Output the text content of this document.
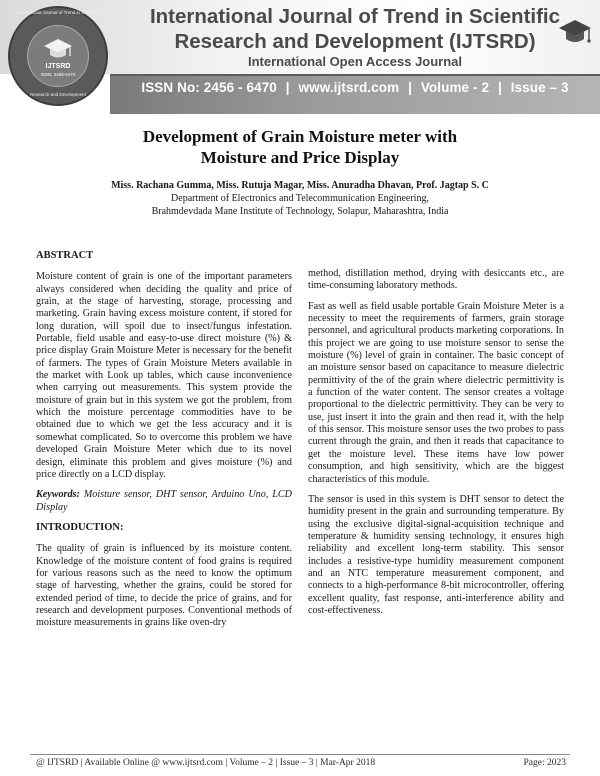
International Journal of Trend in Scientific
IJTSRD
ISSN: 2456-6470
Research and Development
International Journal of Trend in Scientific
Research and Development (IJTSRD)
International Open Access Journal
ISSN No: 2456 - 6470 | www.ijtsrd.com | Volume - 2 | Issue – 3
Development of Grain Moisture meter with
Moisture and Price Display
Miss. Rachana Gumma, Miss. Rutuja Magar, Miss. Anuradha Dhavan, Prof. Jagtap S. C
Department of Electronics and Telecommunication Engineering,
Brahmdevdada Mane Institute of Technology, Solapur, Maharashtra, India
ABSTRACT

Moisture content of grain is one of the important parameters always considered when deciding the quality and price of grain, at the stage of harvesting, storage, processing and marketing. Grain having excess moisture content, if stored for long duration, will spoil due to insect/fungus infestation. Portable, field usable and easy-to-use direct moisture (%) & price display Grain Moisture Meter is necessary for the benefit of farmers. The types of Grain Moisture Meters available in the market with Look up tables, which cause inconvenience when carrying out measurements. This system provide the moisture of grain but in this system we got the problem, from which the moisture percentage commodities have to be obtained due to which we get the less accuracy and it is somewhat complicated. So to overcome this problem we have developed Grain Moisture Meter which due to its novel design, eliminate this problem and gives moisture (%) and price directly on a LCD display.

Keywords: Moisture sensor, DHT sensor, Arduino Uno, LCD Display

INTRODUCTION:

The quality of grain is influenced by its moisture content. Knowledge of the moisture content of food grains is required for various reasons such as the need to know the optimum stage of harvesting, whether the grains, could be stored for extended period of time, to decide the price of grains, and for research and development purposes. Conventional methods of moisture measurements in grains like oven-dry

method, distillation method, drying with desiccants etc., are time-consuming laboratory methods.

Fast as well as field usable portable Grain Moisture Meter is a necessity to meet the requirements of farmers, grain storage personnel, and agricultural products marketing corporations. In this project we are going to use moisture sensor to sense the moisture (%) level of grain in container. The basic concept of an moisture sensor based on capacitance to measure dielectric permittivity of the of the grain where dielectric permittivity is a function of the water content. The sensor creates a voltage proportional to the dielectric permittivity. They can be very to use, just insert it into the grain and then read it, with the help of this sensor. This moisture sensor uses the two probes to pass current through the grain, and then it reads that capacitance to get the moisture level. These items have low power consumption, and high sensitivity, which are the biggest characteristics of this module.

The sensor is used in this system is DHT sensor to detect the humidity present in the grain and surrounding temperature. By using the exclusive digital-signal-acquisition technique and temperature & humidity sensing technology, it ensures high reliability and excellent long-term stability. This sensor includes a resistive-type humidity measurement component and an NTC temperature measurement component, and connects to a high-performance 8-bit microcontroller, offering excellent quality, fast response, anti-interference ability and cost-effectiveness.

@ IJTSRD | Available Online @ www.ijtsrd.com | Volume – 2 | Issue – 3 | Mar-Apr 2018	Page: 2023
